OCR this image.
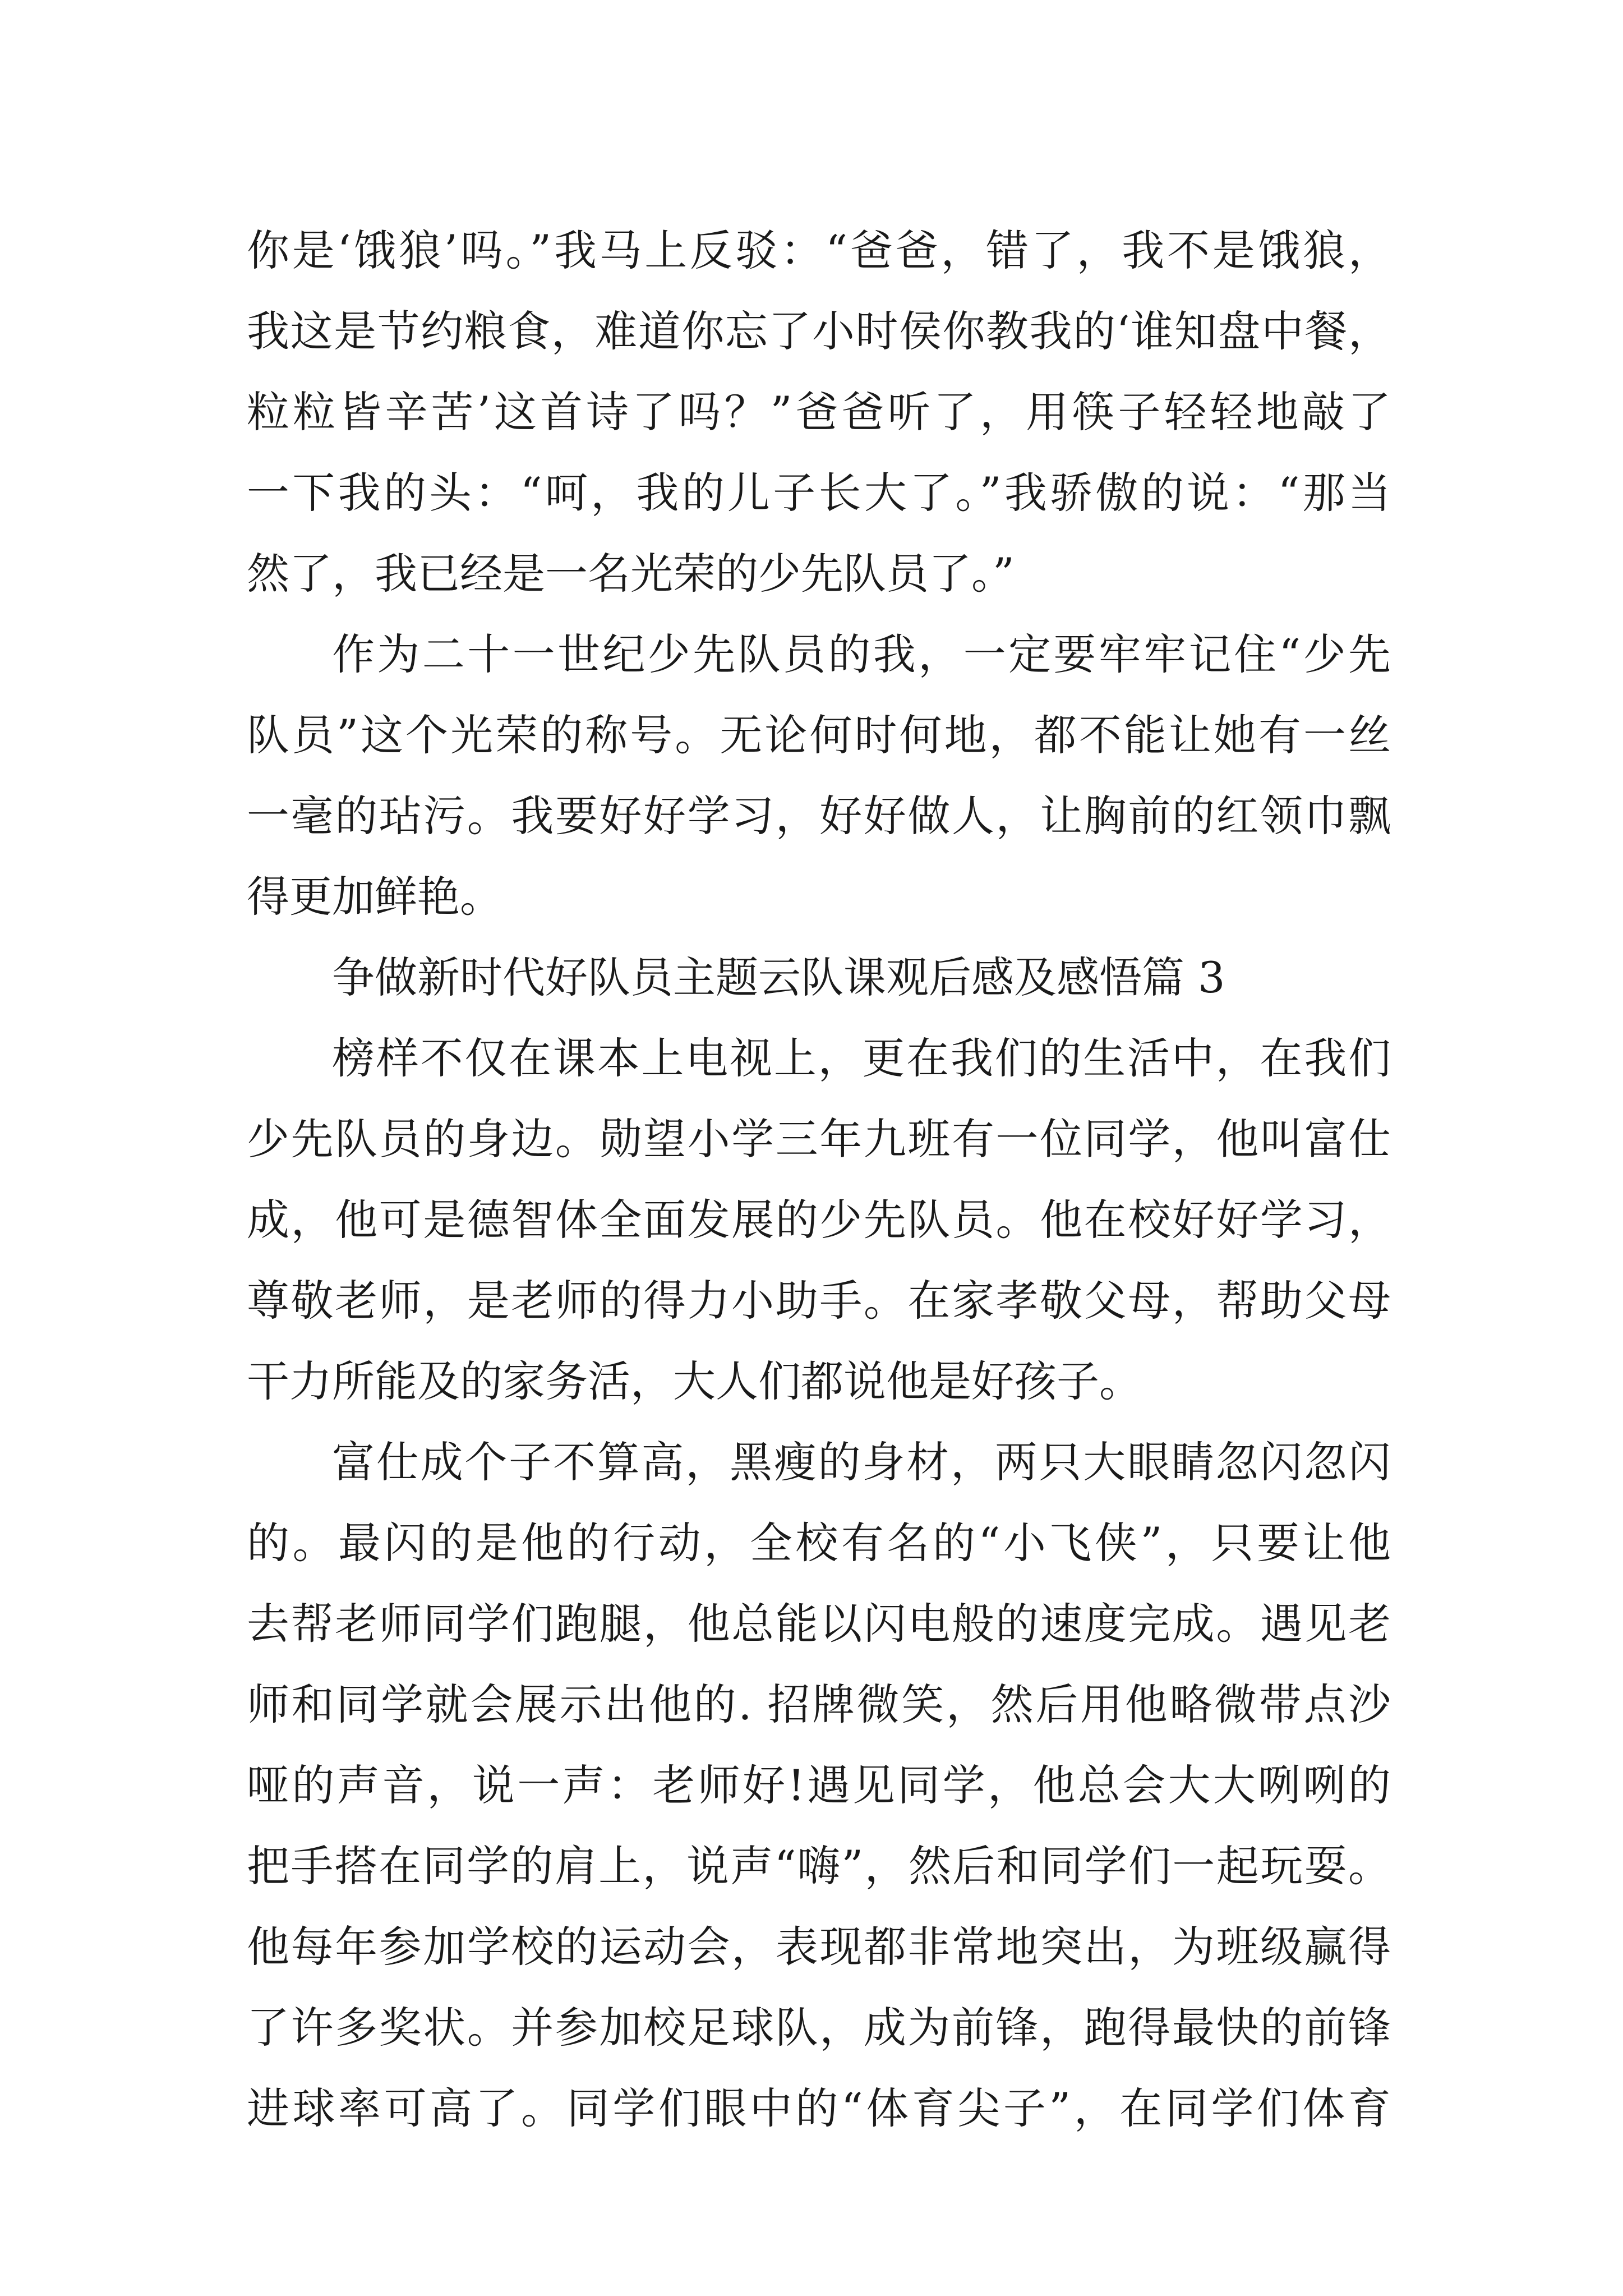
你是‘饿狼’吗。”我马上反驳：“爸爸，错了，我不是饿狼，
我这是节约粮食，难道你忘了小时侯你教我的‘谁知盘中餐，
粒粒皆辛苦’这首诗了吗？”爸爸听了，用筷子轻轻地敲了
一下我的头：“呵，我的儿子长大了。”我骄傲的说：“那当
然了，我已经是一名光荣的少先队员了。”
作为二十一世纪少先队员的我，一定要牢牢记住“少先
队员”这个光荣的称号。无论何时何地，都不能让她有一丝
一毫的玷污。我要好好学习，好好做人，让胸前的红领巾飘
得更加鲜艳。
争做新时代好队员主题云队课观后感及感悟篇 3
榜样不仅在课本上电视上，更在我们的生活中，在我们
少先队员的身边。勋望小学三年九班有一位同学，他叫富仕
成，他可是德智体全面发展的少先队员。他在校好好学习，
尊敬老师，是老师的得力小助手。在家孝敬父母，帮助父母
干力所能及的家务活，大人们都说他是好孩子。
富仕成个子不算高，黑瘦的身材，两只大眼睛忽闪忽闪
的。最闪的是他的行动，全校有名的“小飞侠”，只要让他
去帮老师同学们跑腿，他总能以闪电般的速度完成。遇见老
师和同学就会展示出他的. 招牌微笑，然后用他略微带点沙
哑的声音，说一声：老师好!遇见同学，他总会大大咧咧的
把手搭在同学的肩上，说声“嗨”，然后和同学们一起玩耍。
他每年参加学校的运动会，表现都非常地突出，为班级赢得
了许多奖状。并参加校足球队，成为前锋，跑得最快的前锋
进球率可高了。同学们眼中的“体育尖子”，在同学们体育
